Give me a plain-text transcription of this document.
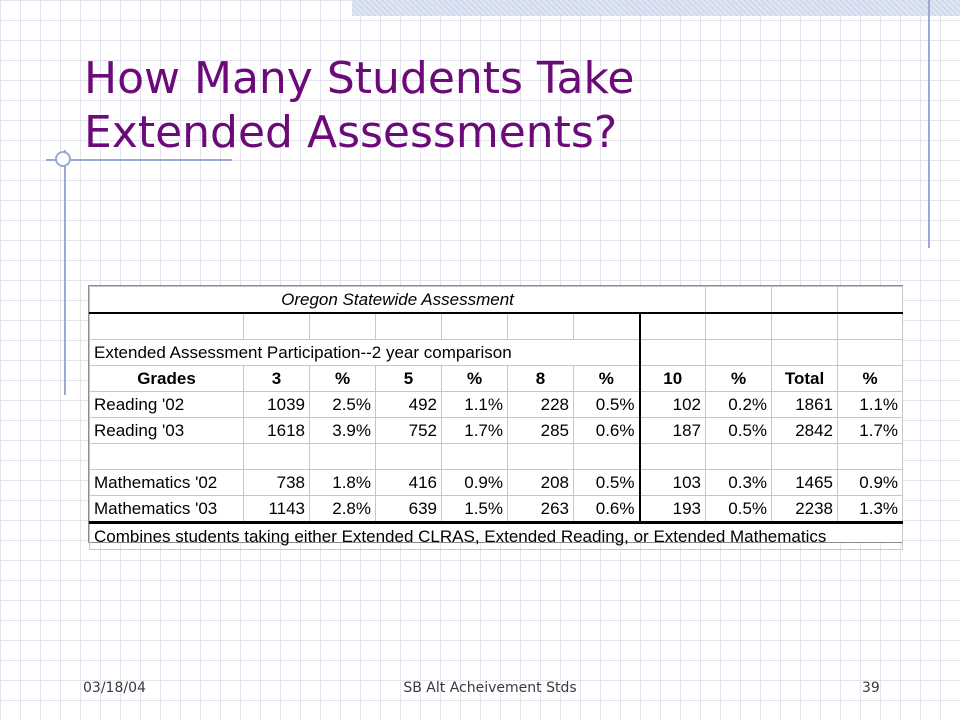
How Many Students Take
Extended Assessments?
Oregon Statewide Assessment										

Extended Assessment Participation--2 year comparison										
Grades	3	%	5	%	8	%	10	%	Total	%
Reading '02	1039	2.5%	492	1.1%	228	0.5%	102	0.2%	1861	1.1%
Reading '03	1618	3.9%	752	1.7%	285	0.6%	187	0.5%	2842	1.7%

Mathematics '02	738	1.8%	416	0.9%	208	0.5%	103	0.3%	1465	0.9%
Mathematics '03	1143	2.8%	639	1.5%	263	0.6%	193	0.5%	2238	1.3%
Combines students taking either Extended CLRAS, Extended Reading, or Extended Mathematics										
03/18/04	SB Alt Acheivement Stds	39
